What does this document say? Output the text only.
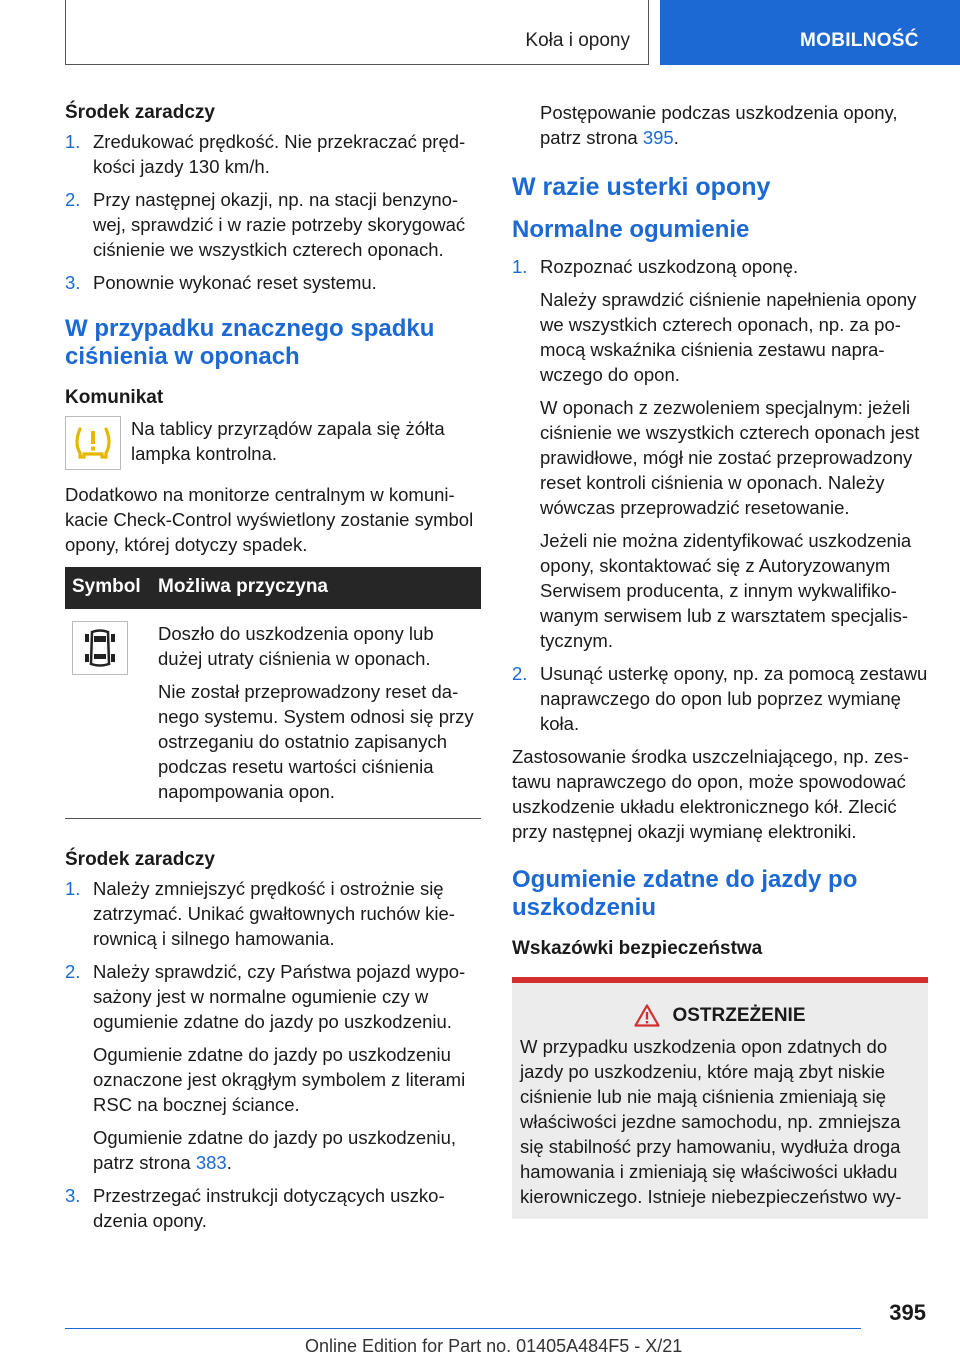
Koła i opony	MOBILNOŚĆ
Środek zaradczy
1. Zredukować prędkość. Nie przekraczać prędkości jazdy 130 km/h.

2. Przy następnej okazji, np. na stacji benzynowej, sprawdzić i w razie potrzeby skorygować ciśnienie we wszystkich czterech oponach.

3. Ponownie wykonać reset systemu.

W przypadku znacznego spadku ciśnienia w oponach
Komunikat
Na tablicy przyrządów zapala się żółta lampka kontrolna.
Dodatkowo na monitorze centralnym w komunikacie Check-Control wyświetlony zostanie symbol opony, której dotyczy spadek.
Symbol	Możliwa przyczyna

Doszło do uszkodzenia opony lub dużej utraty ciśnienia w oponach.

Nie został przeprowadzony reset danego systemu. System odnosi się przy ostrzeganiu do ostatnio zapisanych podczas resetu wartości ciśnienia napompowania opon.

Środek zaradczy
1. Należy zmniejszyć prędkość i ostrożnie się zatrzymać. Unikać gwałtownych ruchów kierownicą i silnego hamowania.

2. Należy sprawdzić, czy Państwa pojazd wyposażony jest w normalne ogumienie czy w ogumienie zdatne do jazdy po uszkodzeniu.

Ogumienie zdatne do jazdy po uszkodzeniu oznaczone jest okrągłym symbolem z literami RSC na bocznej ściance.

Ogumienie zdatne do jazdy po uszkodzeniu, patrz strona 383.

3. Przestrzegać instrukcji dotyczących uszkodzenia opony.

Postępowanie podczas uszkodzenia opony, patrz strona 395.
W razie usterki opony
Normalne ogumienie
1. Rozpoznać uszkodzoną oponę.

Należy sprawdzić ciśnienie napełnienia opony we wszystkich czterech oponach, np. za pomocą wskaźnika ciśnienia zestawu naprawczego do opon.

W oponach z zezwoleniem specjalnym: jeżeli ciśnienie we wszystkich czterech oponach jest prawidłowe, mógł nie zostać przeprowadzony reset kontroli ciśnienia w oponach. Należy wówczas przeprowadzić resetowanie.

Jeżeli nie można zidentyfikować uszkodzenia opony, skontaktować się z Autoryzowanym Serwisem producenta, z innym wykwalifikowanym serwisem lub z warsztatem specjalistycznym.

2. Usunąć usterkę opony, np. za pomocą zestawu naprawczego do opon lub poprzez wymianę koła.

Zastosowanie środka uszczelniającego, np. zestawu naprawczego do opon, może spowodować uszkodzenie układu elektronicznego kół. Zlecić przy następnej okazji wymianę elektroniki.
Ogumienie zdatne do jazdy po uszkodzeniu
Wskazówki bezpieczeństwa
OSTRZEŻENIE
W przypadku uszkodzenia opon zdatnych do jazdy po uszkodzeniu, które mają zbyt niskie ciśnienie lub nie mają ciśnienia zmieniają się właściwości jezdne samochodu, np. zmniejsza się stabilność przy hamowaniu, wydłuża droga hamowania i zmieniają się właściwości układu kierowniczego. Istnieje niebezpieczeństwo wy-
395
Online Edition for Part no. 01405A484F5 - X/21
